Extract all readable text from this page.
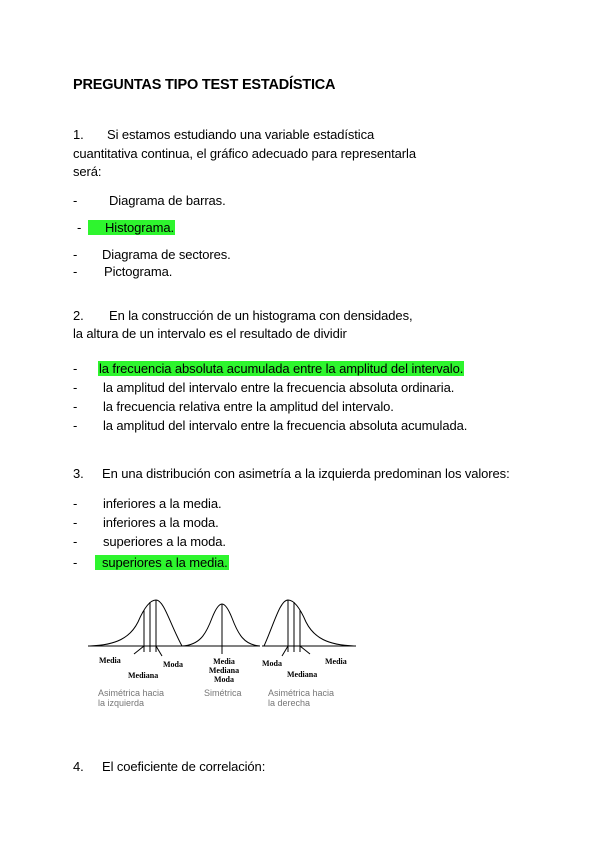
PREGUNTAS TIPO TEST ESTADÍSTICA
1. Si estamos estudiando una variable estadística
cuantitativa continua, el gráfico adecuado para representarla
será:
- Diagrama de barras.
-	Histograma.
- Diagrama de sectores.
- Pictograma.
2. En la construcción de un histograma con densidades,
la altura de un intervalo es el resultado de dividir
- la frecuencia absoluta acumulada entre la amplitud del intervalo.
- la amplitud del intervalo entre la frecuencia absoluta ordinaria.
- la frecuencia relativa entre la amplitud del intervalo.
- la amplitud del intervalo entre la frecuencia absoluta acumulada.
3. En una distribución con asimetría a la izquierda predominan los valores:
- inferiores a la media.
- inferiores a la moda.
- superiores a la moda.
-	superiores a la media.
Media	Moda
Mediana
Asimétrica hacia
la izquierda
Media
Mediana
Moda
Simétrica
Moda	Media
Mediana
Asimétrica hacia
la derecha
4. El coeficiente de correlación:
